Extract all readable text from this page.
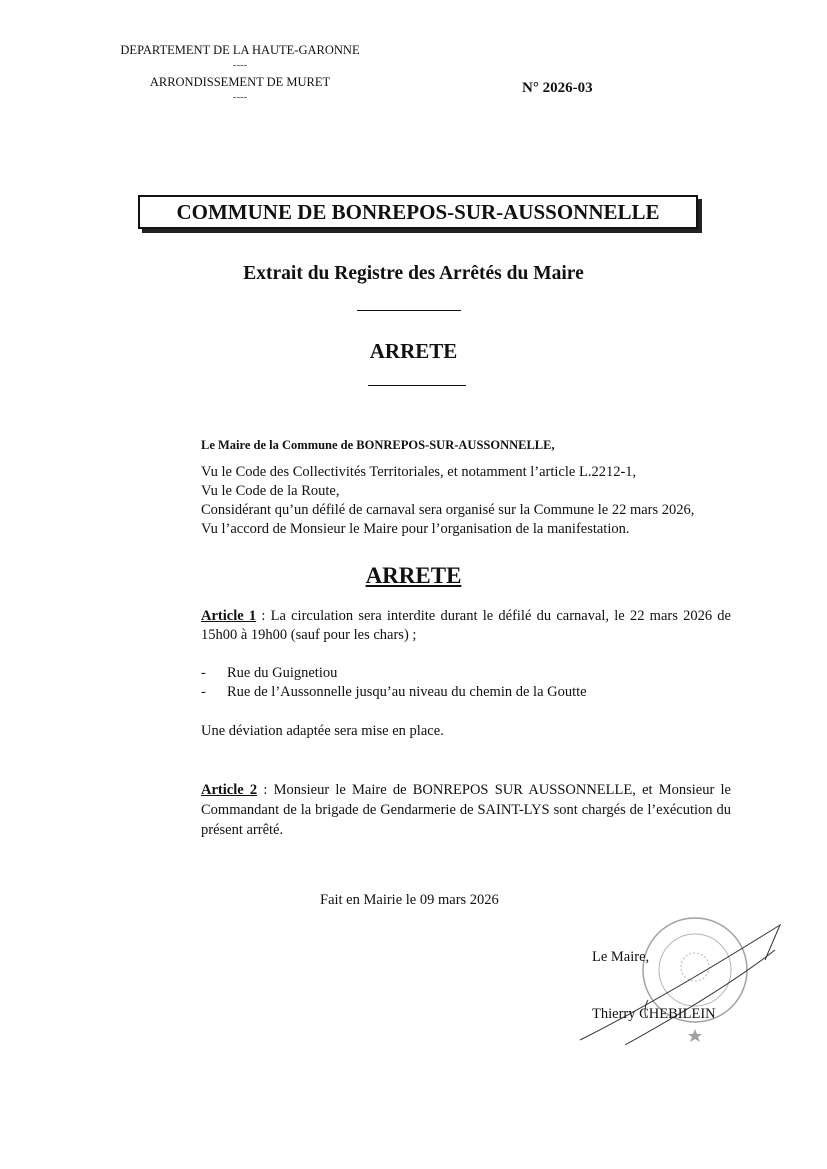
DEPARTEMENT DE LA HAUTE-GARONNE
----
ARRONDISSEMENT DE MURET
----
N° 2026-03
COMMUNE DE BONREPOS-SUR-AUSSONNELLE
Extrait du Registre des Arrêtés du Maire
ARRETE
Le Maire de la Commune de BONREPOS-SUR-AUSSONNELLE,
Vu le Code des Collectivités Territoriales, et notamment l’article L.2212-1,
Vu le Code de la Route,
Considérant qu’un défilé de carnaval sera organisé sur la Commune le 22 mars 2026,
Vu l’accord de Monsieur le Maire pour l’organisation de la manifestation.
ARRETE
Article 1 : La circulation sera interdite durant le défilé du carnaval, le 22 mars 2026 de 15h00 à 19h00 (sauf pour les chars) ;
-	Rue du Guignetiou
-	Rue de l’Aussonnelle jusqu’au niveau du chemin de la Goutte
Une déviation adaptée sera mise en place.
Article 2 : Monsieur le Maire de BONREPOS SUR AUSSONNELLE, et Monsieur le Commandant de la brigade de Gendarmerie de SAINT-LYS sont chargés de l’exécution du présent arrêté.
Fait en Mairie le 09 mars 2026
Le Maire,
Thierry CHEBILEIN
